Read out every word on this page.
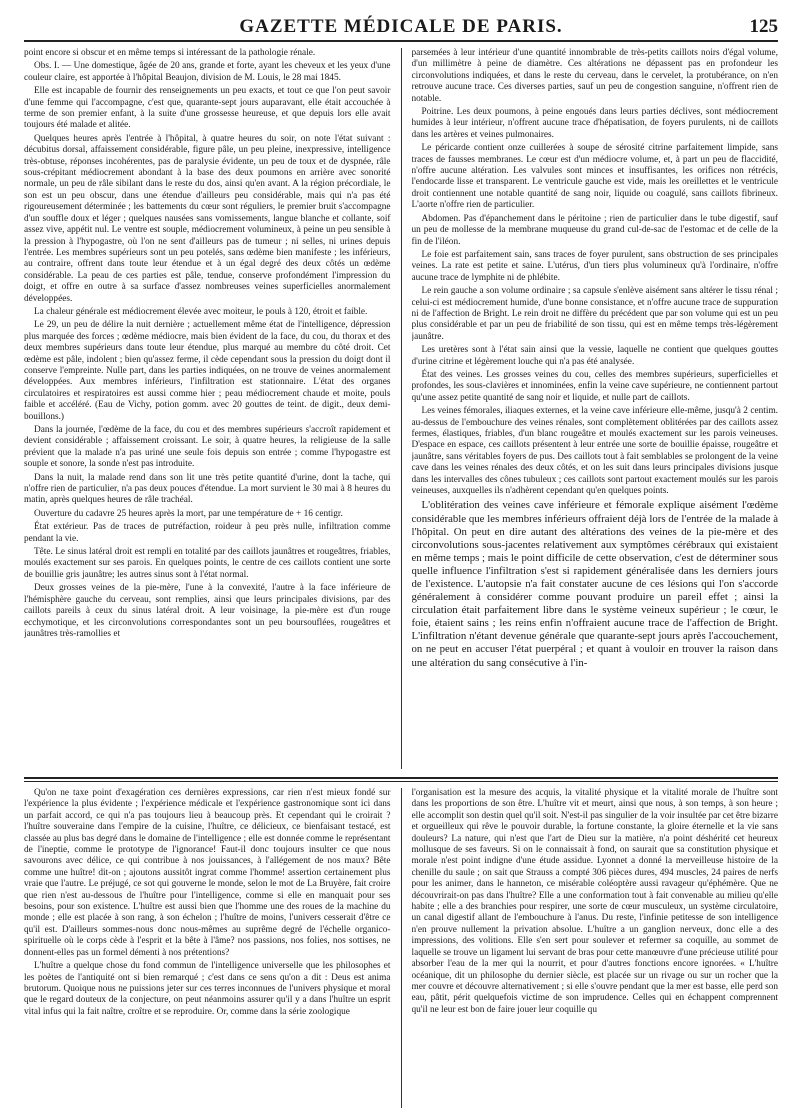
GAZETTE MÉDICALE DE PARIS.	125

point encore si obscur et en même temps si intéressant de la pathologie rénale.

Obs. I. — Une domestique, âgée de 20 ans, grande et forte, ayant les cheveux et les yeux d'une couleur claire, est apportée à l'hôpital Beaujon, division de M. Louis, le 28 mai 1845.

Elle est incapable de fournir des renseignements un peu exacts, et tout ce que l'on peut savoir d'une femme qui l'accompagne, c'est que, quarante-sept jours auparavant, elle était accouchée à terme de son premier enfant, à la suite d'une grossesse heureuse, et que depuis lors elle avait toujours été malade et alitée.

Quelques heures après l'entrée à l'hôpital, à quatre heures du soir, on note l'état suivant : décubitus dorsal, affaissement considérable, figure pâle, un peu pleine, inexpressive, intelligence très-obtuse, réponses incohérentes, pas de paralysie évidente, un peu de toux et de dyspnée, râle sous-crépitant médiocrement abondant à la base des deux poumons en arrière avec sonorité normale, un peu de râle sibilant dans le reste du dos, ainsi qu'en avant. A la région précordiale, le son est un peu obscur, dans une étendue d'ailleurs peu considérable, mais qui n'a pas été rigoureusement déterminée ; les battements du cœur sont réguliers, le premier bruit s'accompagne d'un souffle doux et léger ; quelques nausées sans vomissements, langue blanche et collante, soif assez vive, appétit nul. Le ventre est souple, médiocrement volumineux, à peine un peu sensible à la pression à l'hypogastre, où l'on ne sent d'ailleurs pas de tumeur ; ni selles, ni urines depuis l'entrée. Les membres supérieurs sont un peu potelés, sans œdème bien manifeste ; les inférieurs, au contraire, offrent dans toute leur étendue et à un égal degré des deux côtés un œdème considérable. La peau de ces parties est pâle, tendue, conserve profondément l'impression du doigt, et offre en outre à sa surface d'assez nombreuses veines superficielles anormalement développées.

La chaleur générale est médiocrement élevée avec moiteur, le pouls à 120, étroit et faible.

Le 29, un peu de délire la nuit dernière ; actuellement même état de l'intelligence, dépression plus marquée des forces ; œdème médiocre, mais bien évident de la face, du cou, du thorax et des deux membres supérieurs dans toute leur étendue, plus marqué au membre du côté droit. Cet œdème est pâle, indolent ; bien qu'assez ferme, il cède cependant sous la pression du doigt dont il conserve l'empreinte. Nulle part, dans les parties indiquées, on ne trouve de veines anormalement développées. Aux membres inférieurs, l'infiltration est stationnaire. L'état des organes circulatoires et respiratoires est aussi comme hier ; peau médiocrement chaude et moite, pouls faible et accéléré. (Eau de Vichy, potion gomm. avec 20 gouttes de teint. de digit., deux demi-bouillons.)

Dans la journée, l'œdème de la face, du cou et des membres supérieurs s'accroît rapidement et devient considérable ; affaissement croissant. Le soir, à quatre heures, la religieuse de la salle prévient que la malade n'a pas uriné une seule fois depuis son entrée ; comme l'hypogastre est souple et sonore, la sonde n'est pas introduite.

Dans la nuit, la malade rend dans son lit une très petite quantité d'urine, dont la tache, qui n'offre rien de particulier, n'a pas deux pouces d'étendue. La mort survient le 30 mai à 8 heures du matin, après quelques heures de râle trachéal.

Ouverture du cadavre 25 heures après la mort, par une température de + 16 centigr.

État extérieur. Pas de traces de putréfaction, roideur à peu près nulle, infiltration comme pendant la vie.

Tête. Le sinus latéral droit est rempli en totalité par des caillots jaunâtres et rougeâtres, friables, moulés exactement sur ses parois. En quelques points, le centre de ces caillots contient une sorte de bouillie gris jaunâtre; les autres sinus sont à l'état normal.

Deux grosses veines de la pie-mère, l'une à la convexité, l'autre à la face inférieure de l'hémisphère gauche du cerveau, sont remplies, ainsi que leurs principales divisions, par des caillots pareils à ceux du sinus latéral droit. A leur voisinage, la pie-mère est d'un rouge ecchymotique, et les circonvolutions correspondantes sont un peu boursouflées, rougeâtres et jaunâtres très-ramollies et

parsemées à leur intérieur d'une quantité innombrable de très-petits caillots noirs d'égal volume, d'un millimètre à peine de diamètre. Ces altérations ne dépassent pas en profondeur les circonvolutions indiquées, et dans le reste du cerveau, dans le cervelet, la protubérance, on n'en retrouve aucune trace. Ces diverses parties, sauf un peu de congestion sanguine, n'offrent rien de notable.

Poitrine. Les deux poumons, à peine engoués dans leurs parties déclives, sont médiocrement humides à leur intérieur, n'offrent aucune trace d'hépatisation, de foyers purulents, ni de caillots dans les artères et veines pulmonaires.

Le péricarde contient onze cuillerées à soupe de sérosité citrine parfaitement limpide, sans traces de fausses membranes. Le cœur est d'un médiocre volume, et, à part un peu de flaccidité, n'offre aucune altération. Les valvules sont minces et insuffisantes, les orifices non rétrécis, l'endocarde lisse et transparent. Le ventricule gauche est vide, mais les oreillettes et le ventricule droit contiennent une notable quantité de sang noir, liquide ou coagulé, sans caillots fibrineux. L'aorte n'offre rien de particulier.

Abdomen. Pas d'épanchement dans le péritoine ; rien de particulier dans le tube digestif, sauf un peu de mollesse de la membrane muqueuse du grand cul-de-sac de l'estomac et de celle de la fin de l'iléon.

Le foie est parfaitement sain, sans traces de foyer purulent, sans obstruction de ses principales veines. La rate est petite et saine. L'utérus, d'un tiers plus volumineux qu'à l'ordinaire, n'offre aucune trace de lymphite ni de phlébite.

Le rein gauche a son volume ordinaire ; sa capsule s'enlève aisément sans altérer le tissu rénal ; celui-ci est médiocrement humide, d'une bonne consistance, et n'offre aucune trace de suppuration ni de l'affection de Bright. Le rein droit ne diffère du précédent que par son volume qui est un peu plus considérable et par un peu de friabilité de son tissu, qui est en même temps très-légèrement jaunâtre.

Les uretères sont à l'état sain ainsi que la vessie, laquelle ne contient que quelques gouttes d'urine citrine et légèrement louche qui n'a pas été analysée.

État des veines. Les grosses veines du cou, celles des membres supérieurs, superficielles et profondes, les sous-clavières et innominées, enfin la veine cave supérieure, ne contiennent partout qu'une assez petite quantité de sang noir et liquide, et nulle part de caillots.

Les veines fémorales, iliaques externes, et la veine cave inférieure elle-même, jusqu'à 2 centim. au-dessus de l'embouchure des veines rénales, sont complètement oblitérées par des caillots assez fermes, élastiques, friables, d'un blanc rougeâtre et moulés exactement sur les parois veineuses. D'espace en espace, ces caillots présentent à leur entrée une sorte de bouillie épaisse, rougeâtre et jaunâtre, sans véritables foyers de pus. Des caillots tout à fait semblables se prolongent de la veine cave dans les veines rénales des deux côtés, et on les suit dans leurs principales divisions jusque dans les intervalles des cônes tubuleux ; ces caillots sont partout exactement moulés sur les parois veineuses, auxquelles ils n'adhèrent cependant qu'en quelques points.

L'oblitération des veines cave inférieure et fémorale explique aisément l'œdème considérable que les membres inférieurs offraient déjà lors de l'entrée de la malade à l'hôpital. On peut en dire autant des altérations des veines de la pie-mère et des circonvolutions sous-jacentes relativement aux symptômes cérébraux qui existaient en même temps ; mais le point difficile de cette observation, c'est de déterminer sous quelle influence l'infiltration s'est si rapidement généralisée dans les derniers jours de l'existence. L'autopsie n'a fait constater aucune de ces lésions qui l'on s'accorde généralement à considérer comme pouvant produire un pareil effet ; ainsi la circulation était parfaitement libre dans le système veineux supérieur ; le cœur, le foie, étaient sains ; les reins enfin n'offraient aucune trace de l'affection de Bright. L'infiltration n'étant devenue générale que quarante-sept jours après l'accouchement, on ne peut en accuser l'état puerpéral ; et quant à vouloir en trouver la raison dans une altération du sang consécutive à l'in-

Qu'on ne taxe point d'exagération ces dernières expressions, car rien n'est mieux fondé sur l'expérience la plus évidente ; l'expérience médicale et l'expérience gastronomique sont ici dans un parfait accord, ce qui n'a pas toujours lieu à beaucoup près. Et cependant qui le croirait ? l'huître souveraine dans l'empire de la cuisine, l'huître, ce délicieux, ce bienfaisant testacé, est classée au plus bas degré dans le domaine de l'intelligence ; elle est donnée comme le représentant de l'ineptie, comme le prototype de l'ignorance! Faut-il donc toujours insulter ce que nous savourons avec délice, ce qui contribue à nos jouissances, à l'allégement de nos maux? Bête comme une huître! dit-on ; ajoutons aussitôt ingrat comme l'homme! assertion certainement plus vraie que l'autre. Le préjugé, ce sot qui gouverne le monde, selon le mot de La Bruyère, fait croire que rien n'est au-dessous de l'huître pour l'intelligence, comme si elle en manquait pour ses besoins, pour son existence. L'huître est aussi bien que l'homme une des roues de la machine du monde ; elle est placée à son rang, à son échelon ; l'huître de moins, l'univers cesserait d'être ce qu'il est. D'ailleurs sommes-nous donc nous-mêmes au suprême degré de l'échelle organico-spirituelle où le corps cède à l'esprit et la bête à l'âme? nos passions, nos folies, nos sottises, ne donnent-elles pas un formel démenti à nos prétentions?

L'huître a quelque chose du fond commun de l'intelligence universelle que les philosophes et les poètes de l'antiquité ont si bien remarqué ; c'est dans ce sens qu'on a dit : Deus est anima brutorum. Quoique nous ne puissions jeter sur ces terres inconnues de l'univers physique et moral que le regard douteux de la conjecture, on peut néanmoins assurer qu'il y a dans l'huître un esprit vital infus qui la fait naître, croître et se reproduire. Or, comme dans la série zoologique

l'organisation est la mesure des acquis, la vitalité physique et la vitalité morale de l'huître sont dans les proportions de son être. L'huître vit et meurt, ainsi que nous, à son temps, à son heure ; elle accomplit son destin quel qu'il soit. N'est-il pas singulier de la voir insultée par cet être bizarre et orgueilleux qui rêve le pouvoir durable, la fortune constante, la gloire éternelle et la vie sans douleurs? La nature, qui n'est que l'art de Dieu sur la matière, n'a point déshérité cet heureux mollusque de ses faveurs. Si on le connaissait à fond, on saurait que sa constitution physique et morale n'est point indigne d'une étude assidue. Lyonnet a donné la merveilleuse histoire de la chenille du saule ; on sait que Strauss a compté 306 pièces dures, 494 muscles, 24 paires de nerfs pour les animer, dans le hanneton, ce misérable coléoptère aussi ravageur qu'éphémère. Que ne découvrirait-on pas dans l'huître? Elle a une conformation tout à fait convenable au milieu qu'elle habite ; elle a des branchies pour respirer, une sorte de cœur musculeux, un système circulatoire, un canal digestif allant de l'embouchure à l'anus. Du reste, l'infinie petitesse de son intelligence n'en prouve nullement la privation absolue. L'huître a un ganglion nerveux, donc elle a des impressions, des volitions. Elle s'en sert pour soulever et refermer sa coquille, au sommet de laquelle se trouve un ligament lui servant de bras pour cette manœuvre d'une précieuse utilité pour absorber l'eau de la mer qui la nourrit, et pour d'autres fonctions encore ignorées. « L'huître océanique, dit un philosophe du dernier siècle, est placée sur un rivage ou sur un rocher que la mer couvre et découvre alternativement ; si elle s'ouvre pendant que la mer est basse, elle perd son eau, pâtit, périt quelquefois victime de son imprudence. Celles qui en échappent comprennent qu'il ne leur est bon de faire jouer leur coquille qu
